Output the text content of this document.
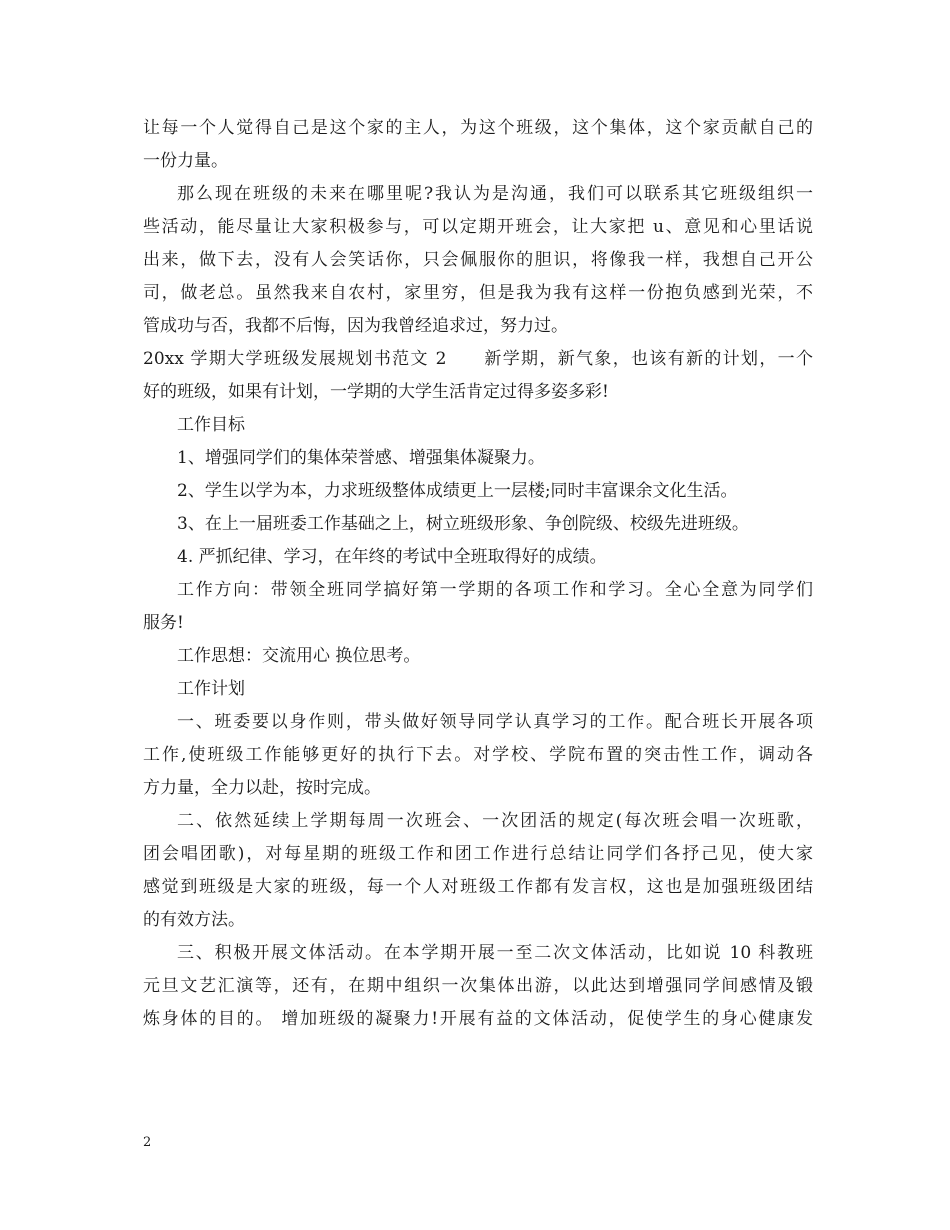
让每一个人觉得自己是这个家的主人，为这个班级，这个集体，这个家贡献自己的
一份力量。
那么现在班级的未来在哪里呢?我认为是沟通，我们可以联系其它班级组织一
些活动，能尽量让大家积极参与，可以定期开班会，让大家把 u、意见和心里话说
出来，做下去，没有人会笑话你，只会佩服你的胆识，将像我一样，我想自己开公
司，做老总。虽然我来自农村，家里穷，但是我为我有这样一份抱负感到光荣，不
管成功与否，我都不后悔，因为我曾经追求过，努力过。
20xx 学期大学班级发展规划书范文 2　　新学期，新气象，也该有新的计划，一个
好的班级，如果有计划，一学期的大学生活肯定过得多姿多彩!
工作目标
1、增强同学们的集体荣誉感、增强集体凝聚力。
2、学生以学为本，力求班级整体成绩更上一层楼;同时丰富课余文化生活。
3、在上一届班委工作基础之上，树立班级形象、争创院级、校级先进班级。
4. 严抓纪律、学习，在年终的考试中全班取得好的成绩。
工作方向：带领全班同学搞好第一学期的各项工作和学习。全心全意为同学们
服务!
工作思想：交流用心 换位思考。
工作计划
一、班委要以身作则，带头做好领导同学认真学习的工作。配合班长开展各项
工作,使班级工作能够更好的执行下去。对学校、学院布置的突击性工作，调动各
方力量，全力以赴，按时完成。
二、依然延续上学期每周一次班会、一次团活的规定(每次班会唱一次班歌，
团会唱团歌)，对每星期的班级工作和团工作进行总结让同学们各抒己见，使大家
感觉到班级是大家的班级，每一个人对班级工作都有发言权，这也是加强班级团结
的有效方法。
三、积极开展文体活动。在本学期开展一至二次文体活动，比如说 10 科教班
元旦文艺汇演等，还有，在期中组织一次集体出游，以此达到增强同学间感情及锻
炼身体的目的。 增加班级的凝聚力!开展有益的文体活动，促使学生的身心健康发
2
